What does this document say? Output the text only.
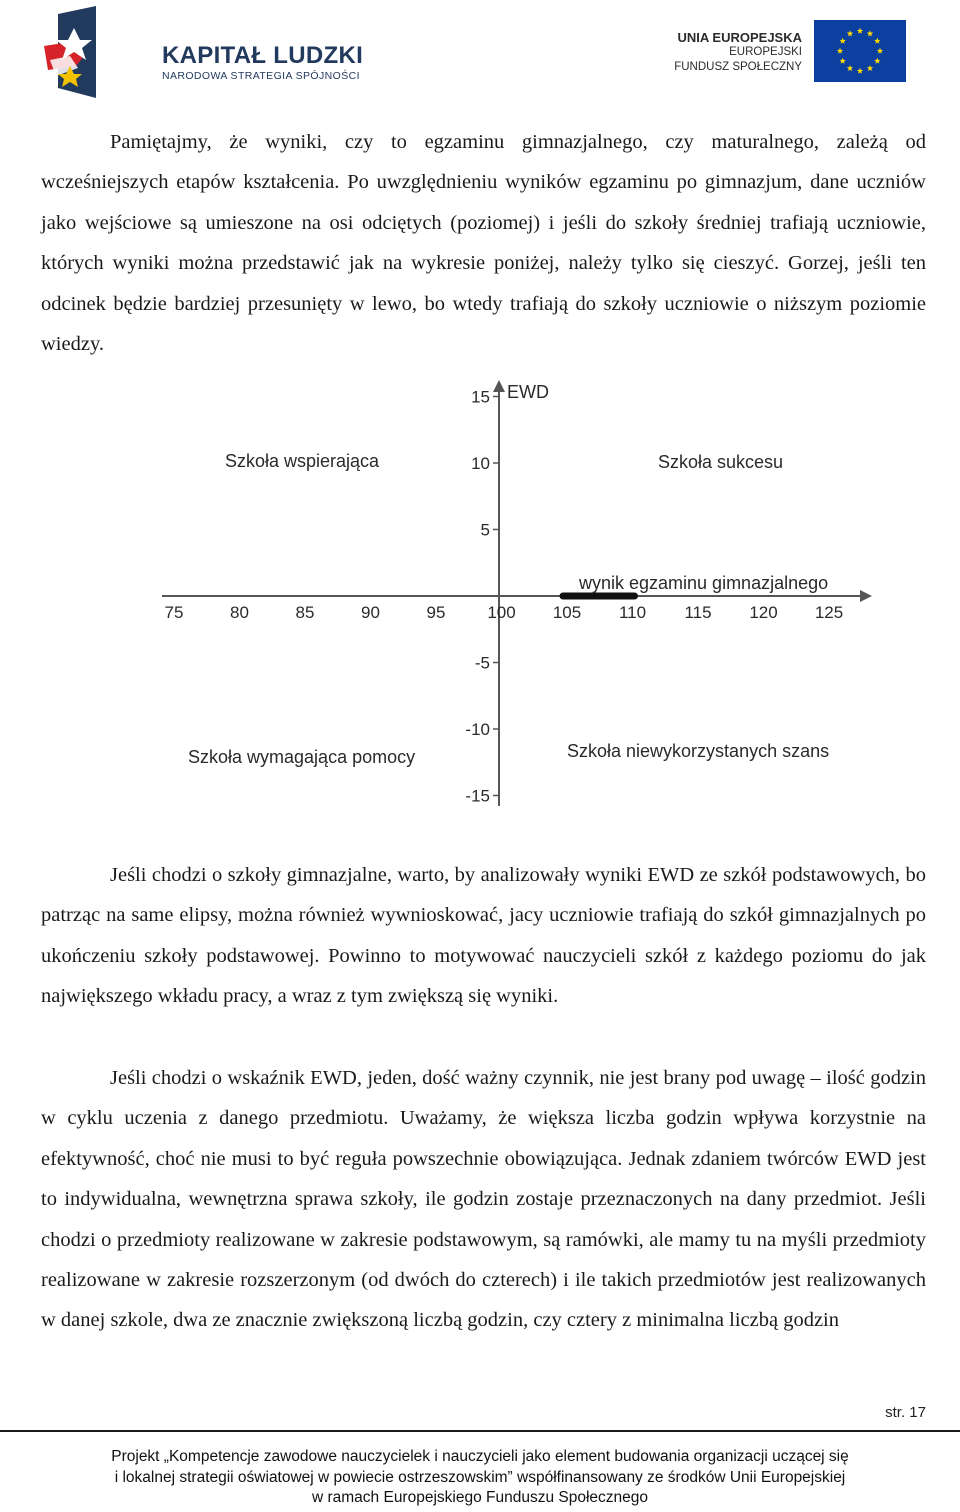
KAPITAŁ LUDZKI
NARODOWA STRATEGIA SPÓJNOŚCI
UNIA EUROPEJSKA
EUROPEJSKI
FUNDUSZ SPOŁECZNY

Pamiętajmy, że wyniki, czy to egzaminu gimnazjalnego, czy maturalnego, zależą od wcześniejszych etapów kształcenia. Po uwzględnieniu wyników egzaminu po gimnazjum, dane uczniów jako wejściowe są umieszone na osi odciętych (poziomej) i jeśli do szkoły średniej trafiają uczniowie, których wyniki można przedstawić jak na wykresie poniżej, należy tylko się cieszyć. Gorzej, jeśli ten odcinek będzie bardziej przesunięty w lewo, bo wtedy trafiają do szkoły uczniowie o niższym poziomie wiedzy.

75	80	85	90	95 100 105 110 115 120 125
15
10
5
-5
-10
-15
EWD
wynik egzaminu gimnazjalnego
Szkoła wspierająca	Szkoła sukcesu
Szkoła wymagająca pomocy	Szkoła niewykorzystanych szans

Jeśli chodzi o szkoły gimnazjalne, warto, by analizowały wyniki EWD ze szkół podstawowych, bo patrząc na same elipsy, można również wywnioskować, jacy uczniowie trafiają do szkół gimnazjalnych po ukończeniu szkoły podstawowej. Powinno to motywować nauczycieli szkół z każdego poziomu do jak największego wkładu pracy, a wraz z tym zwiększą się wyniki.

Jeśli chodzi o wskaźnik EWD, jeden, dość ważny czynnik, nie jest brany pod uwagę – ilość godzin w cyklu uczenia z danego przedmiotu. Uważamy, że większa liczba godzin wpływa korzystnie na efektywność, choć nie musi to być reguła powszechnie obowiązująca. Jednak zdaniem twórców EWD jest to indywidualna, wewnętrzna sprawa szkoły, ile godzin zostaje przeznaczonych na dany przedmiot. Jeśli chodzi o przedmioty realizowane w zakresie podstawowym, są ramówki, ale mamy tu na myśli przedmioty realizowane w zakresie rozszerzonym (od dwóch do czterech) i ile takich przedmiotów jest realizowanych w danej szkole, dwa ze znacznie zwiększoną liczbą godzin, czy cztery z minimalna liczbą godzin

str. 17
Projekt „Kompetencje zawodowe nauczycielek i nauczycieli jako element budowania organizacji uczącej się
i lokalnej strategii oświatowej w powiecie ostrzeszowskim” współfinansowany ze środków Unii Europejskiej
w ramach Europejskiego Funduszu Społecznego
